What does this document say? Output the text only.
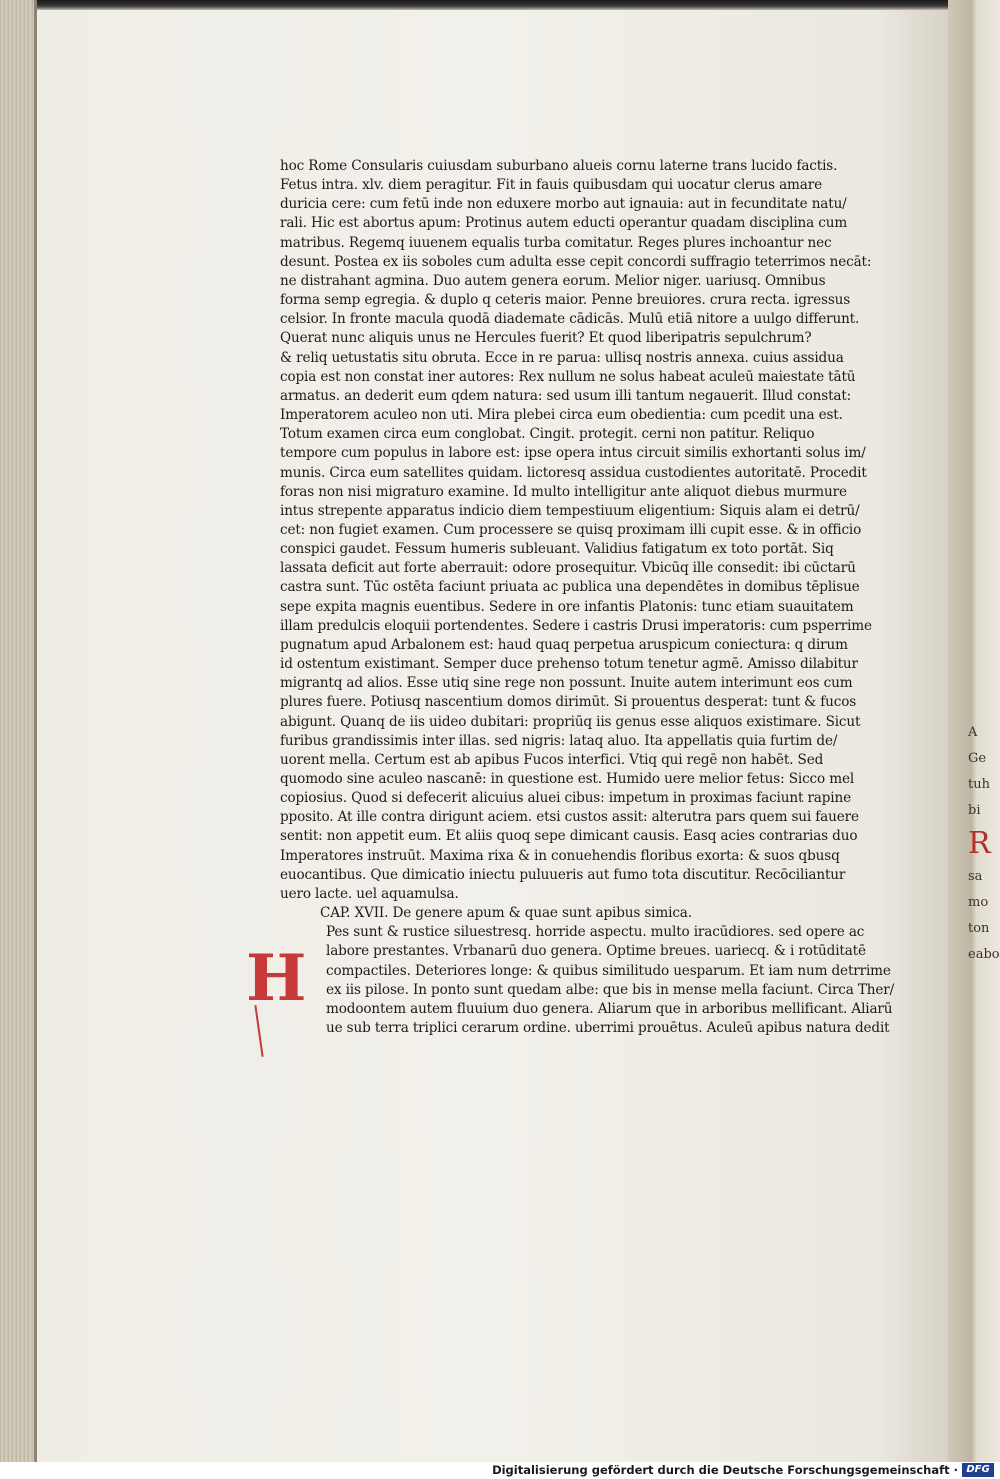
A
Ge
tuh
bi
R
sa
mo
ton
eabo
hoc Rome Consularis cuiusdam suburbano alueis cornu laterne trans lucido factis.
Fetus intra. xlv. diem peragitur. Fit in fauis quibusdam qui uocatur clerus amare
duricia cere: cum fetū inde non eduxere morbo aut ignauia: aut in fecunditate natu/
rali. Hic est abortus apum: Protinus autem educti operantur quadam disciplina cum
matribus. Regemq iuuenem equalis turba comitatur. Reges plures inchoantur nec
desunt. Postea ex iis soboles cum adulta esse cepit concordi suffragio teterrimos necāt:
ne distrahant agmina. Duo autem genera eorum. Melior niger. uariusq. Omnibus
forma semp egregia. & duplo q ceteris maior. Penne breuiores. crura recta. igressus
celsior. In fronte macula quodā diademate cādicās. Mulū etiā nitore a uulgo differunt.
Querat nunc aliquis unus ne Hercules fuerit? Et quod liberipatris sepulchrum?
& reliq uetustatis situ obruta. Ecce in re parua: ullisq nostris annexa. cuius assidua
copia est non constat iner autores: Rex nullum ne solus habeat aculeū maiestate tātū
armatus. an dederit eum qdem natura: sed usum illi tantum negauerit. Illud constat:
Imperatorem aculeo non uti. Mira plebei circa eum obedientia: cum pcedit una est.
Totum examen circa eum conglobat. Cingit. protegit. cerni non patitur. Reliquo
tempore cum populus in labore est: ipse opera intus circuit similis exhortanti solus im/
munis. Circa eum satellites quidam. lictoresq assidua custodientes autoritatē. Procedit
foras non nisi migraturo examine. Id multo intelligitur ante aliquot diebus murmure
intus strepente apparatus indicio diem tempestiuum eligentium: Siquis alam ei detrū/
cet: non fugiet examen. Cum processere se quisq proximam illi cupit esse. & in officio
conspici gaudet. Fessum humeris subleuant. Validius fatigatum ex toto portāt. Siq
lassata deficit aut forte aberrauit: odore prosequitur. Vbicūq ille consedit: ibi cūctarū
castra sunt. Tūc ostēta faciunt priuata ac publica una dependētes in domibus tēplisue
sepe expita magnis euentibus. Sedere in ore infantis Platonis: tunc etiam suauitatem
illam predulcis eloquii portendentes. Sedere i castris Drusi imperatoris: cum psperrime
pugnatum apud Arbalonem est: haud quaq perpetua aruspicum coniectura: q dirum
id ostentum existimant. Semper duce prehenso totum tenetur agmē. Amisso dilabitur
migrantq ad alios. Esse utiq sine rege non possunt. Inuite autem interimunt eos cum
plures fuere. Potiusq nascentium domos dirimūt. Si prouentus desperat: tunt & fucos
abigunt. Quanq de iis uideo dubitari: propriūq iis genus esse aliquos existimare. Sicut
furibus grandissimis inter illas. sed nigris: lataq aluo. Ita appellatis quia furtim de/
uorent mella. Certum est ab apibus Fucos interfici. Vtiq qui regē non habēt. Sed
quomodo sine aculeo nascanē: in questione est. Humido uere melior fetus: Sicco mel
copiosius. Quod si defecerit alicuius aluei cibus: impetum in proximas faciunt rapine
pposito. At ille contra dirigunt aciem. etsi custos assit: alterutra pars quem sui fauere
sentit: non appetit eum. Et aliis quoq sepe dimicant causis. Easq acies contrarias duo
Imperatores instruūt. Maxima rixa & in conuehendis floribus exorta: & suos qbusq
euocantibus. Que dimicatio iniectu puluueris aut fumo tota discutitur. Recōciliantur
uero lacte. uel aquamulsa.
CAP. XVII. De genere apum & quae sunt apibus simica.
Pes sunt & rustice siluestresq. horride aspectu. multo iracūdiores. sed opere ac
labore prestantes. Vrbanarū duo genera. Optime breues. uariecq. & i rotūditatē
compactiles. Deteriores longe: & quibus similitudo uesparum. Et iam num detrrime
ex iis pilose. In ponto sunt quedam albe: que bis in mense mella faciunt. Circa Ther/
modoontem autem fluuium duo genera. Aliarum que in arboribus mellificant. Aliarū
ue sub terra triplici cerarum ordine. uberrimi prouētus. Aculeū apibus natura dedit
H
Digitalisierung gefördert durch die Deutsche Forschungsgemeinschaft · DFG
